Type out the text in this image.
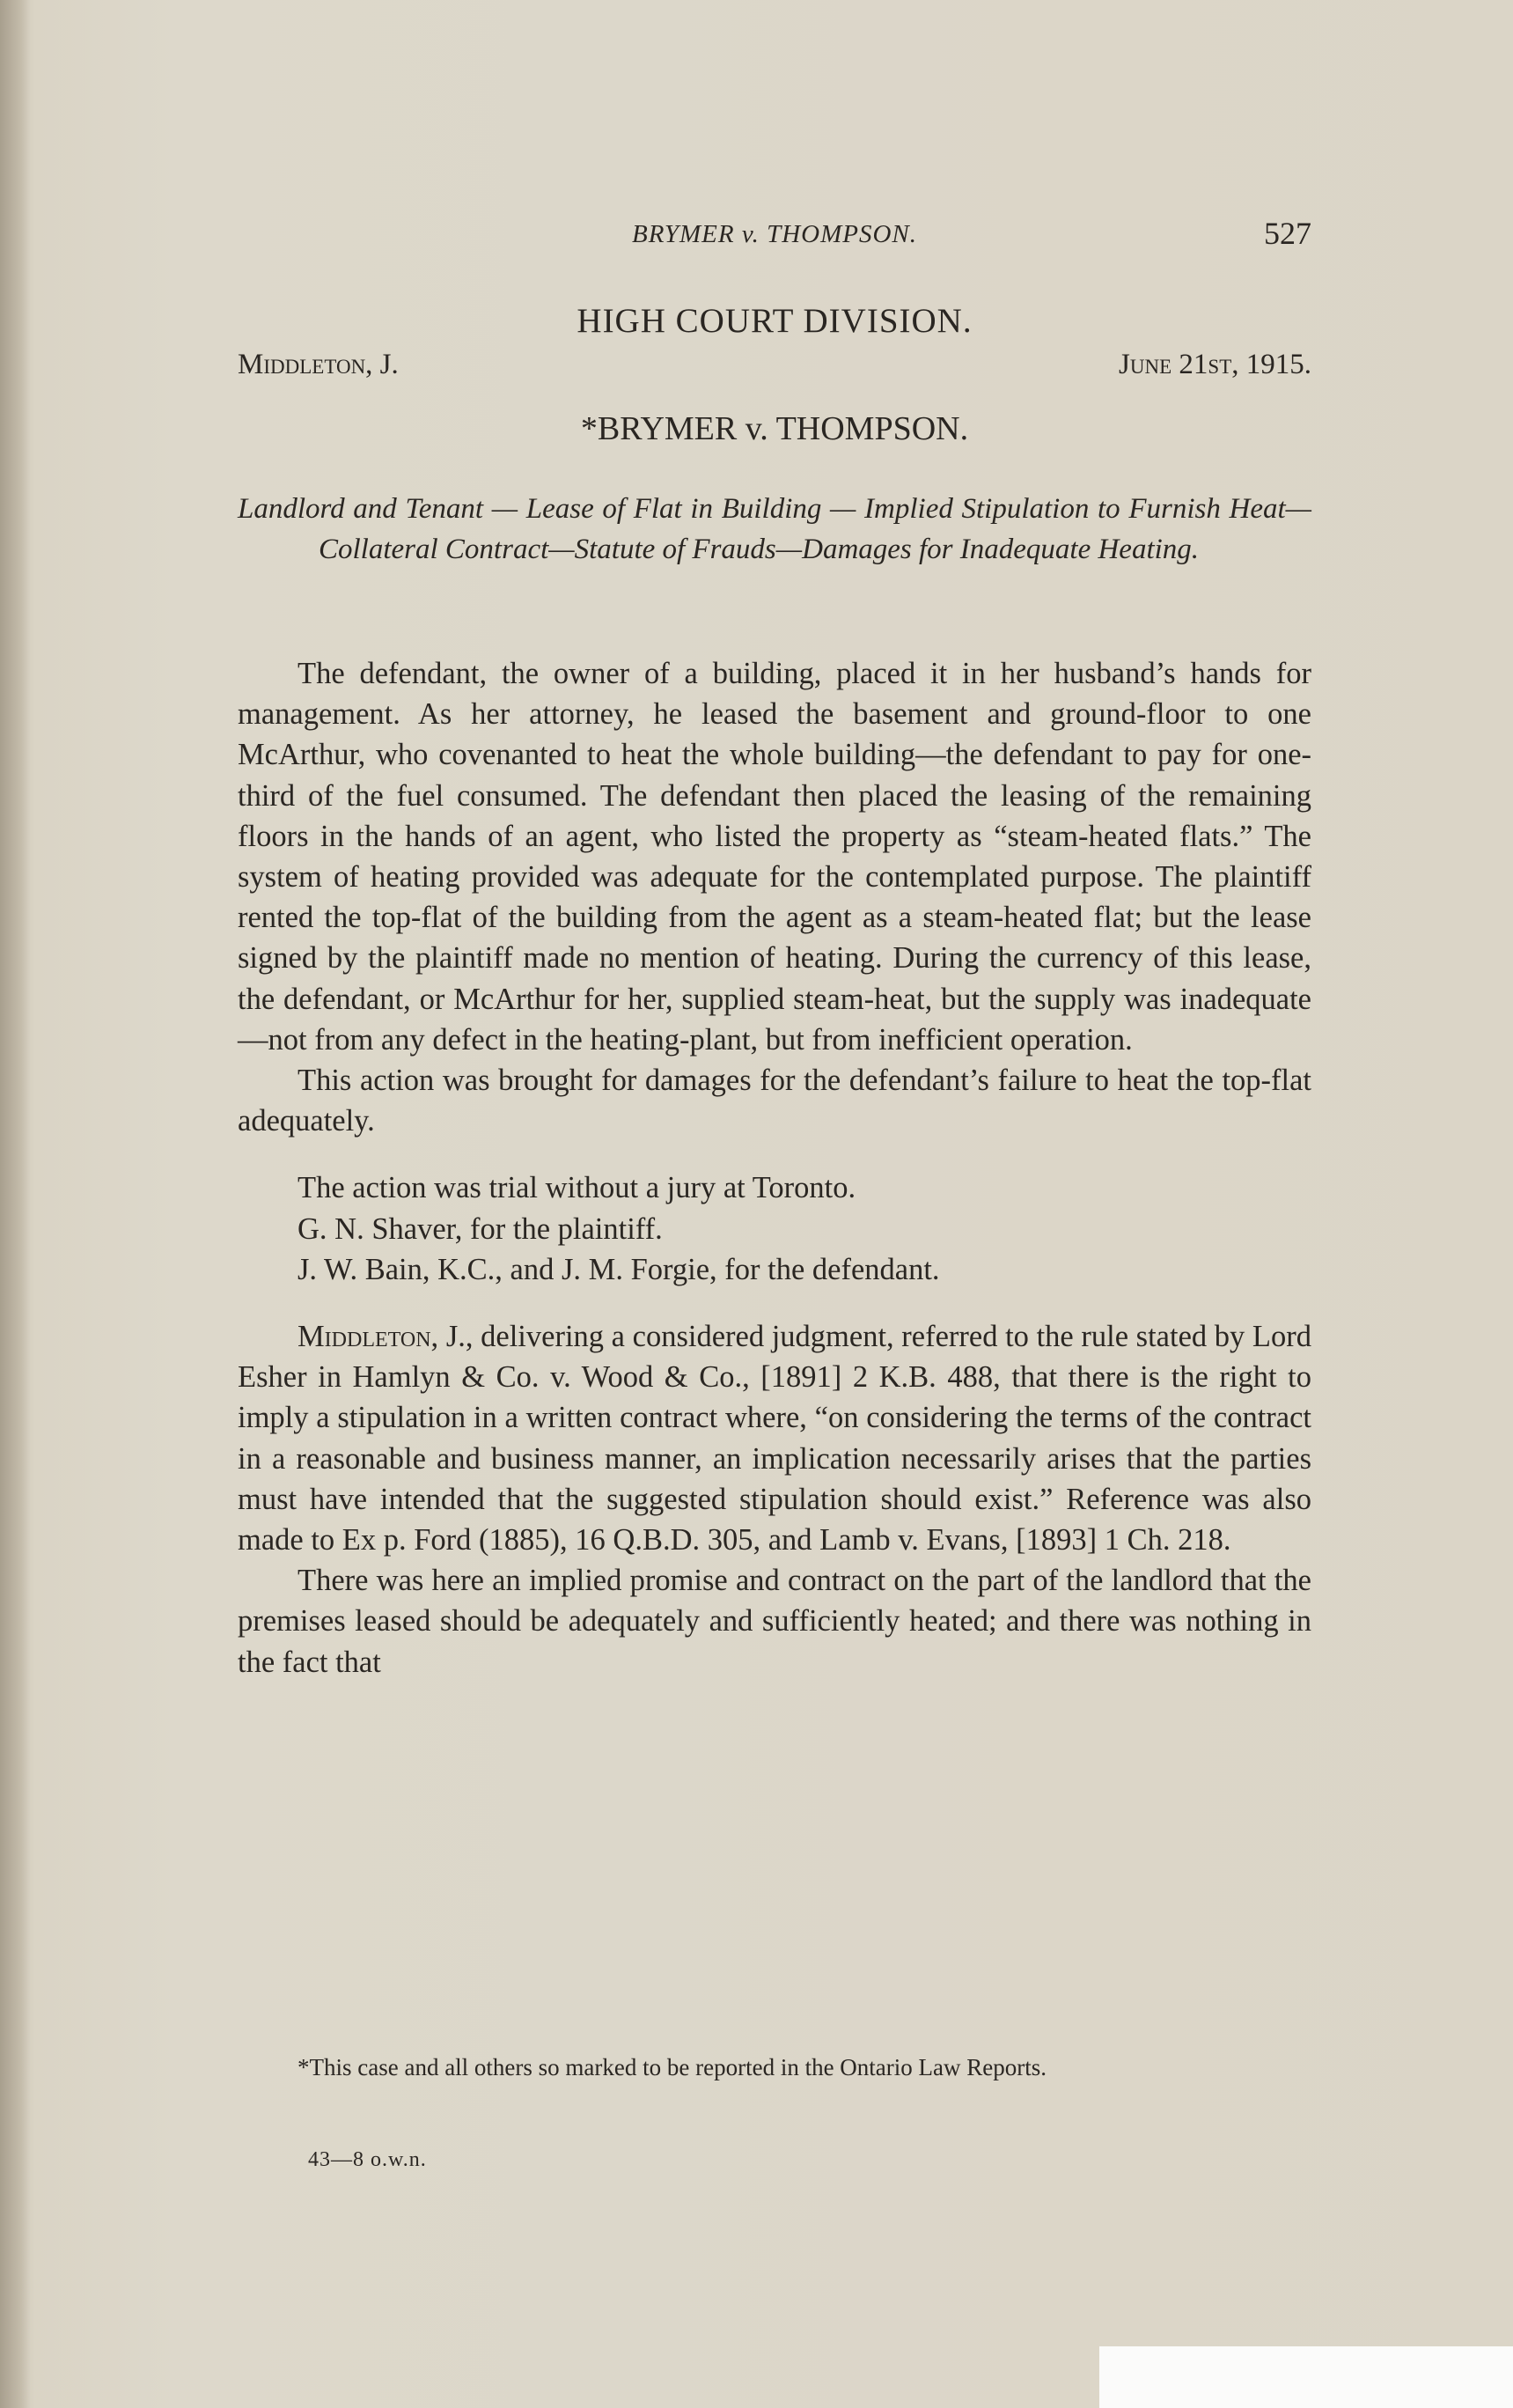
BRYMER v. THOMPSON.	527
HIGH COURT DIVISION.
Middleton, J.	June 21st, 1915.
*BRYMER v. THOMPSON.

Landlord and Tenant — Lease of Flat in Building — Implied Stipulation to Furnish Heat—Collateral Contract—Statute of Frauds—Damages for Inadequate Heating.

The defendant, the owner of a building, placed it in her husband’s hands for management. As her attorney, he leased the basement and ground-floor to one McArthur, who covenanted to heat the whole building—the defendant to pay for one-third of the fuel consumed. The defendant then placed the leasing of the remaining floors in the hands of an agent, who listed the property as “steam-heated flats.” The system of heating provided was adequate for the contemplated purpose. The plaintiff rented the top-flat of the building from the agent as a steam-heated flat; but the lease signed by the plaintiff made no mention of heating. During the currency of this lease, the defendant, or McArthur for her, supplied steam-heat, but the supply was inadequate—not from any defect in the heating-plant, but from inefficient operation.

This action was brought for damages for the defendant’s failure to heat the top-flat adequately.

The action was trial without a jury at Toronto.

G. N. Shaver, for the plaintiff.

J. W. Bain, K.C., and J. M. Forgie, for the defendant.

Middleton, J., delivering a considered judgment, referred to the rule stated by Lord Esher in Hamlyn & Co. v. Wood & Co., [1891] 2 K.B. 488, that there is the right to imply a stipulation in a written contract where, “on considering the terms of the contract in a reasonable and business manner, an implication necessarily arises that the parties must have intended that the suggested stipulation should exist.” Reference was also made to Ex p. Ford (1885), 16 Q.B.D. 305, and Lamb v. Evans, [1893] 1 Ch. 218.

There was here an implied promise and contract on the part of the landlord that the premises leased should be adequately and sufficiently heated; and there was nothing in the fact that

*This case and all others so marked to be reported in the Ontario Law Reports.

43—8 o.w.n.
